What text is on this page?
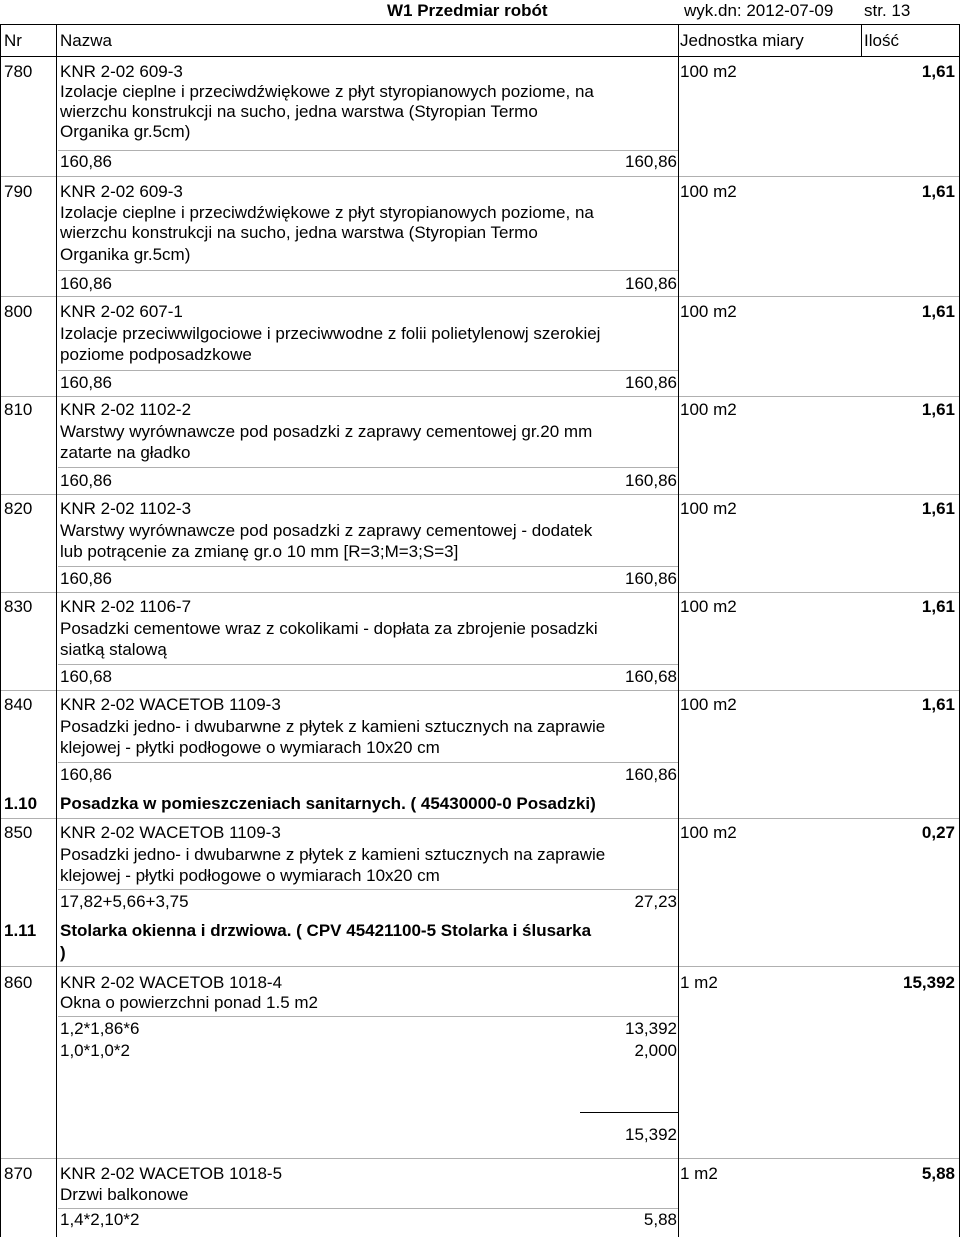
W1 Przedmiar robót	wyk.dn: 2012-07-09 str. 13
Nr Nazwa	Jednostka miary	Ilość
780 KNR 2-02 609-3
Izolacje cieplne i przeciwdźwiękowe z płyt styropianowych poziome, na
wierzchu konstrukcji na sucho, jedna warstwa (Styropian Termo
Organika gr.5cm)
160,86	160,86
100 m2	1,61
790 KNR 2-02 609-3
Izolacje cieplne i przeciwdźwiękowe z płyt styropianowych poziome, na
wierzchu konstrukcji na sucho, jedna warstwa (Styropian Termo
Organika gr.5cm)
160,86	160,86
100 m2	1,61
800 KNR 2-02 607-1
Izolacje przeciwwilgociowe i przeciwwodne z folii polietylenowj szerokiej
poziome podposadzkowe
160,86	160,86
100 m2	1,61
810 KNR 2-02 1102-2
Warstwy wyrównawcze pod posadzki z zaprawy cementowej gr.20 mm
zatarte na gładko
160,86	160,86
100 m2	1,61
820 KNR 2-02 1102-3
Warstwy wyrównawcze pod posadzki z zaprawy cementowej - dodatek
lub potrącenie za zmianę gr.o 10 mm [R=3;M=3;S=3]
160,86	160,86
100 m2	1,61
830 KNR 2-02 1106-7
Posadzki cementowe wraz z cokolikami - dopłata za zbrojenie posadzki
siatką stalową
160,68	160,68
100 m2	1,61
840 KNR 2-02 WACETOB 1109-3
Posadzki jedno- i dwubarwne z płytek z kamieni sztucznych na zaprawie
klejowej - płytki podłogowe o wymiarach 10x20 cm
160,86	160,86
100 m2	1,61
1.10 Posadzka w pomieszczeniach sanitarnych. ( 45430000-0 Posadzki)
850 KNR 2-02 WACETOB 1109-3
Posadzki jedno- i dwubarwne z płytek z kamieni sztucznych na zaprawie
klejowej - płytki podłogowe o wymiarach 10x20 cm
17,82+5,66+3,75	27,23
100 m2	0,27
1.11 Stolarka okienna i drzwiowa. ( CPV 45421100-5 Stolarka i ślusarka
)
860 KNR 2-02 WACETOB 1018-4
Okna o powierzchni ponad 1.5 m2
1,2*1,86*6	13,392
1,0*1,0*2	2,000
15,392
1 m2	15,392
870 KNR 2-02 WACETOB 1018-5
Drzwi balkonowe
1,4*2,10*2	5,88
1 m2	5,88
